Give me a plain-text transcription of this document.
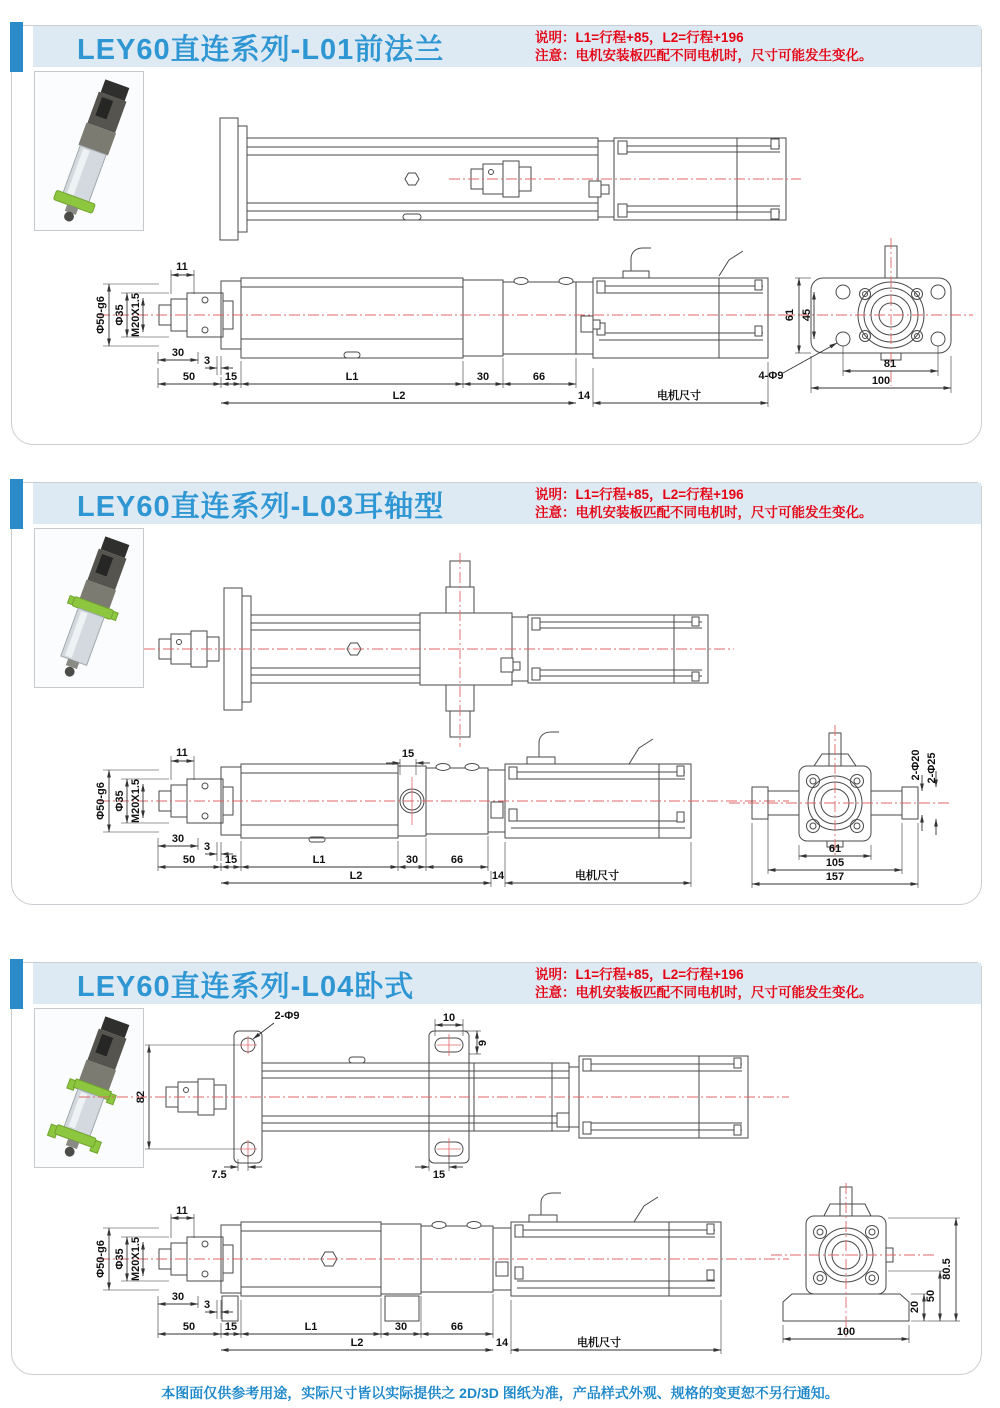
LEY60直连系列-L01前法兰	说明：L1=行程+85，L2=行程+196
注意：电机安装板匹配不同电机时，尺寸可能发生变化。
11
Φ50-g6 Φ35 M20X1.5
30
3
50	15	L1	30	66
L2	14	电机尺寸
61 45
4-Φ9
81
100
LEY60直连系列-L03耳轴型	说明：L1=行程+85，L2=行程+196
注意：电机安装板匹配不同电机时，尺寸可能发生变化。
15
11
Φ50-g6 Φ35 M20X1.5
30
3
50	15	L1	30	66
L2	14	电机尺寸
61
105
157
2-Φ20 2-Φ25
LEY60直连系列-L04卧式	说明：L1=行程+85，L2=行程+196
注意：电机安装板匹配不同电机时，尺寸可能发生变化。
2-Φ9
82
10
9
7.5	15
11
Φ50-g6 Φ35 M20X1.5
30
3
50	15	L1	30	66
L2	14	电机尺寸
100
20
50
80.5
本图面仅供参考用途，实际尺寸皆以实际提供之 2D/3D 图纸为准，产品样式外观、规格的变更恕不另行通知。
